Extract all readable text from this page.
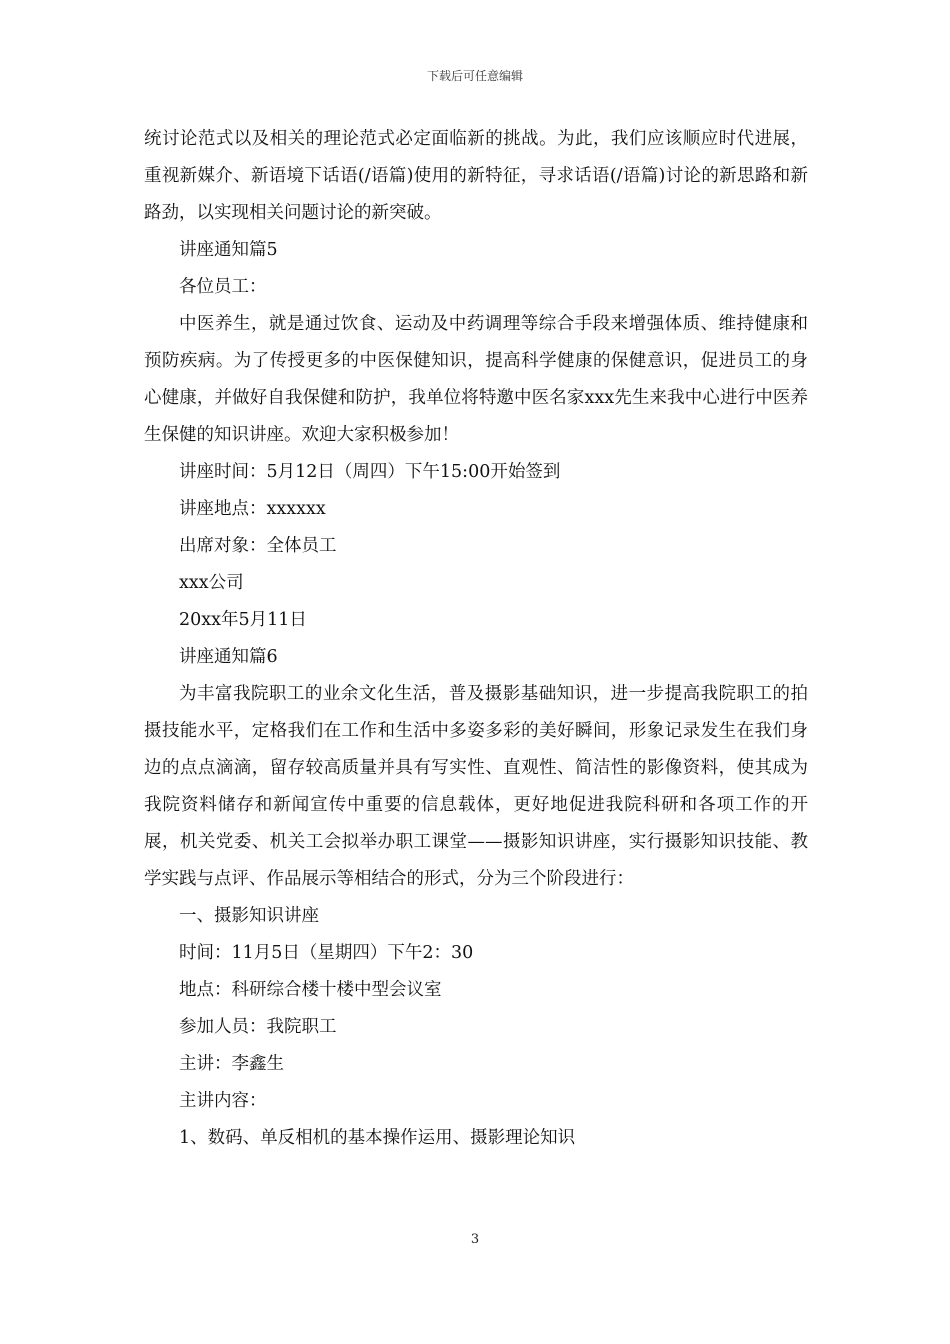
下载后可任意编辑

统讨论范式以及相关的理论范式必定面临新的挑战。为此，我们应该顺应时代进展，重视新媒介、新语境下话语(/语篇)使用的新特征，寻求话语(/语篇)讨论的新思路和新路劲，以实现相关问题讨论的新突破。

讲座通知篇5

各位员工：

中医养生，就是通过饮食、运动及中药调理等综合手段来增强体质、维持健康和预防疾病。为了传授更多的中医保健知识，提高科学健康的保健意识，促进员工的身心健康，并做好自我保健和防护，我单位将特邀中医名家xxx先生来我中心进行中医养生保健的知识讲座。欢迎大家积极参加！

讲座时间：5月12日（周四）下午15:00开始签到

讲座地点：xxxxxx

出席对象：全体员工

xxx公司

20xx年5月11日

讲座通知篇6

为丰富我院职工的业余文化生活，普及摄影基础知识，进一步提高我院职工的拍摄技能水平，定格我们在工作和生活中多姿多彩的美好瞬间，形象记录发生在我们身边的点点滴滴，留存较高质量并具有写实性、直观性、简洁性的影像资料，使其成为我院资料储存和新闻宣传中重要的信息载体，更好地促进我院科研和各项工作的开展，机关党委、机关工会拟举办职工课堂——摄影知识讲座，实行摄影知识技能、教学实践与点评、作品展示等相结合的形式，分为三个阶段进行：

一、摄影知识讲座

时间：11月5日（星期四）下午2：30

地点：科研综合楼十楼中型会议室

参加人员：我院职工

主讲：李鑫生

主讲内容：

1、数码、单反相机的基本操作运用、摄影理论知识

3
